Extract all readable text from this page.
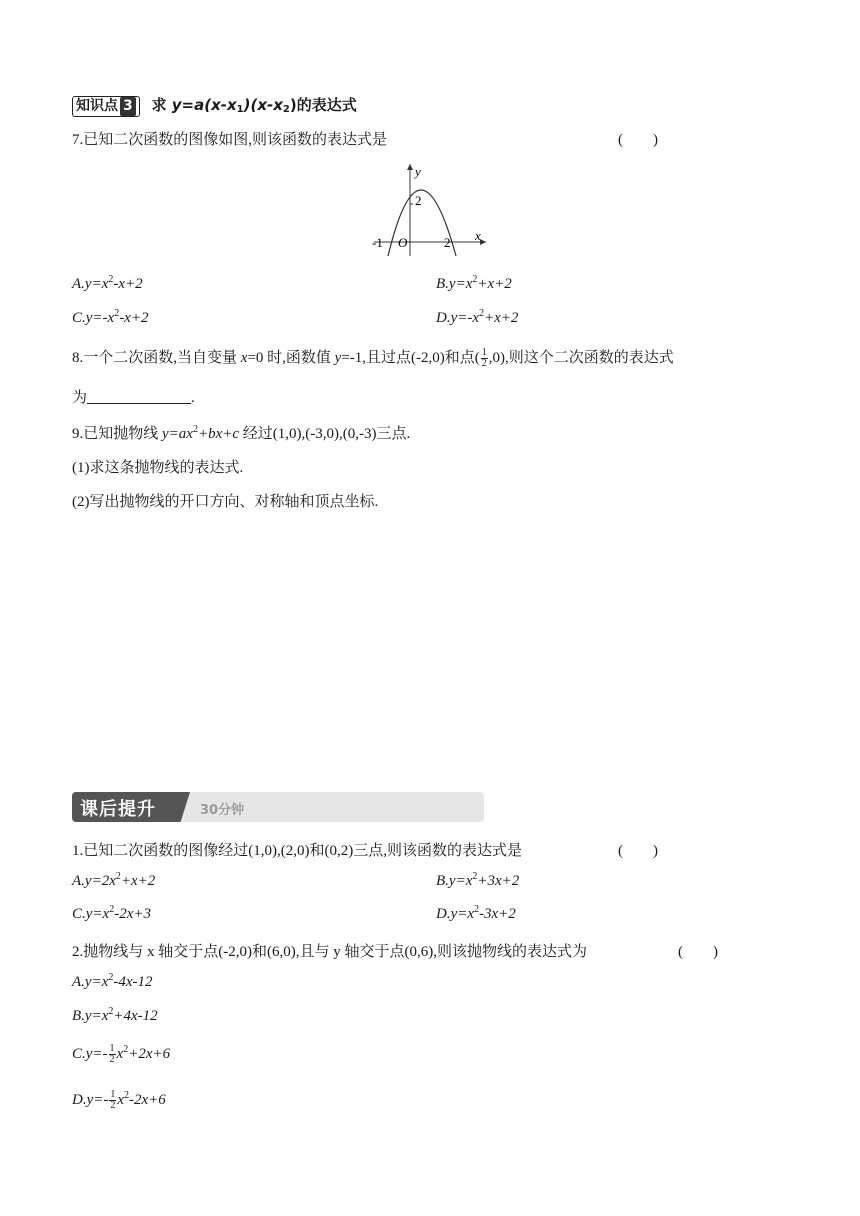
知识点 3 求 $y=a(x-x_1)(x-x_2)$的表达式
7.已知二次函数的图像如图,则该函数的表达式是	(　　)
y
x
O
-1	2
2
$A.y=x^2-x+2$	$B.y=x^2+x+2$
$C.y=-x^2-x+2$	$D.y=-x^2+x+2$
8.一个二次函数,当自变量 x=0 时,函数值 y=-1,且过点(-2,0)和点( $\frac{1}{2} ,0$),则这个二次函数的表达式
为	.
9.已知抛物线 $y=ax^2+bx+c$ 经过(1,0),(-3,0),(0,-3)三点.
(1)求这条抛物线的表达式.
(2)写出抛物线的开口方向、对称轴和顶点坐标.
课后提升	30分钟
1.已知二次函数的图像经过(1,0),(2,0)和(0,2)三点,则该函数的表达式是	(　　)
$A.y=2x^2+x+2$	$B.y=x^2+3x+2$
$C.y=x^2-2x+3$	$D.y=x^2-3x+2$
2.抛物线与 x 轴交于点(-2,0)和(6,0),且与 y 轴交于点(0,6),则该抛物线的表达式为	(　　)
$A.y=x^2-4x-12$
$B.y=x^2+4x-12$
$C.y=- \frac{1}{2} x^2+2x+6$
$D.y=- \frac{1}{2} x^2-2x+6$
